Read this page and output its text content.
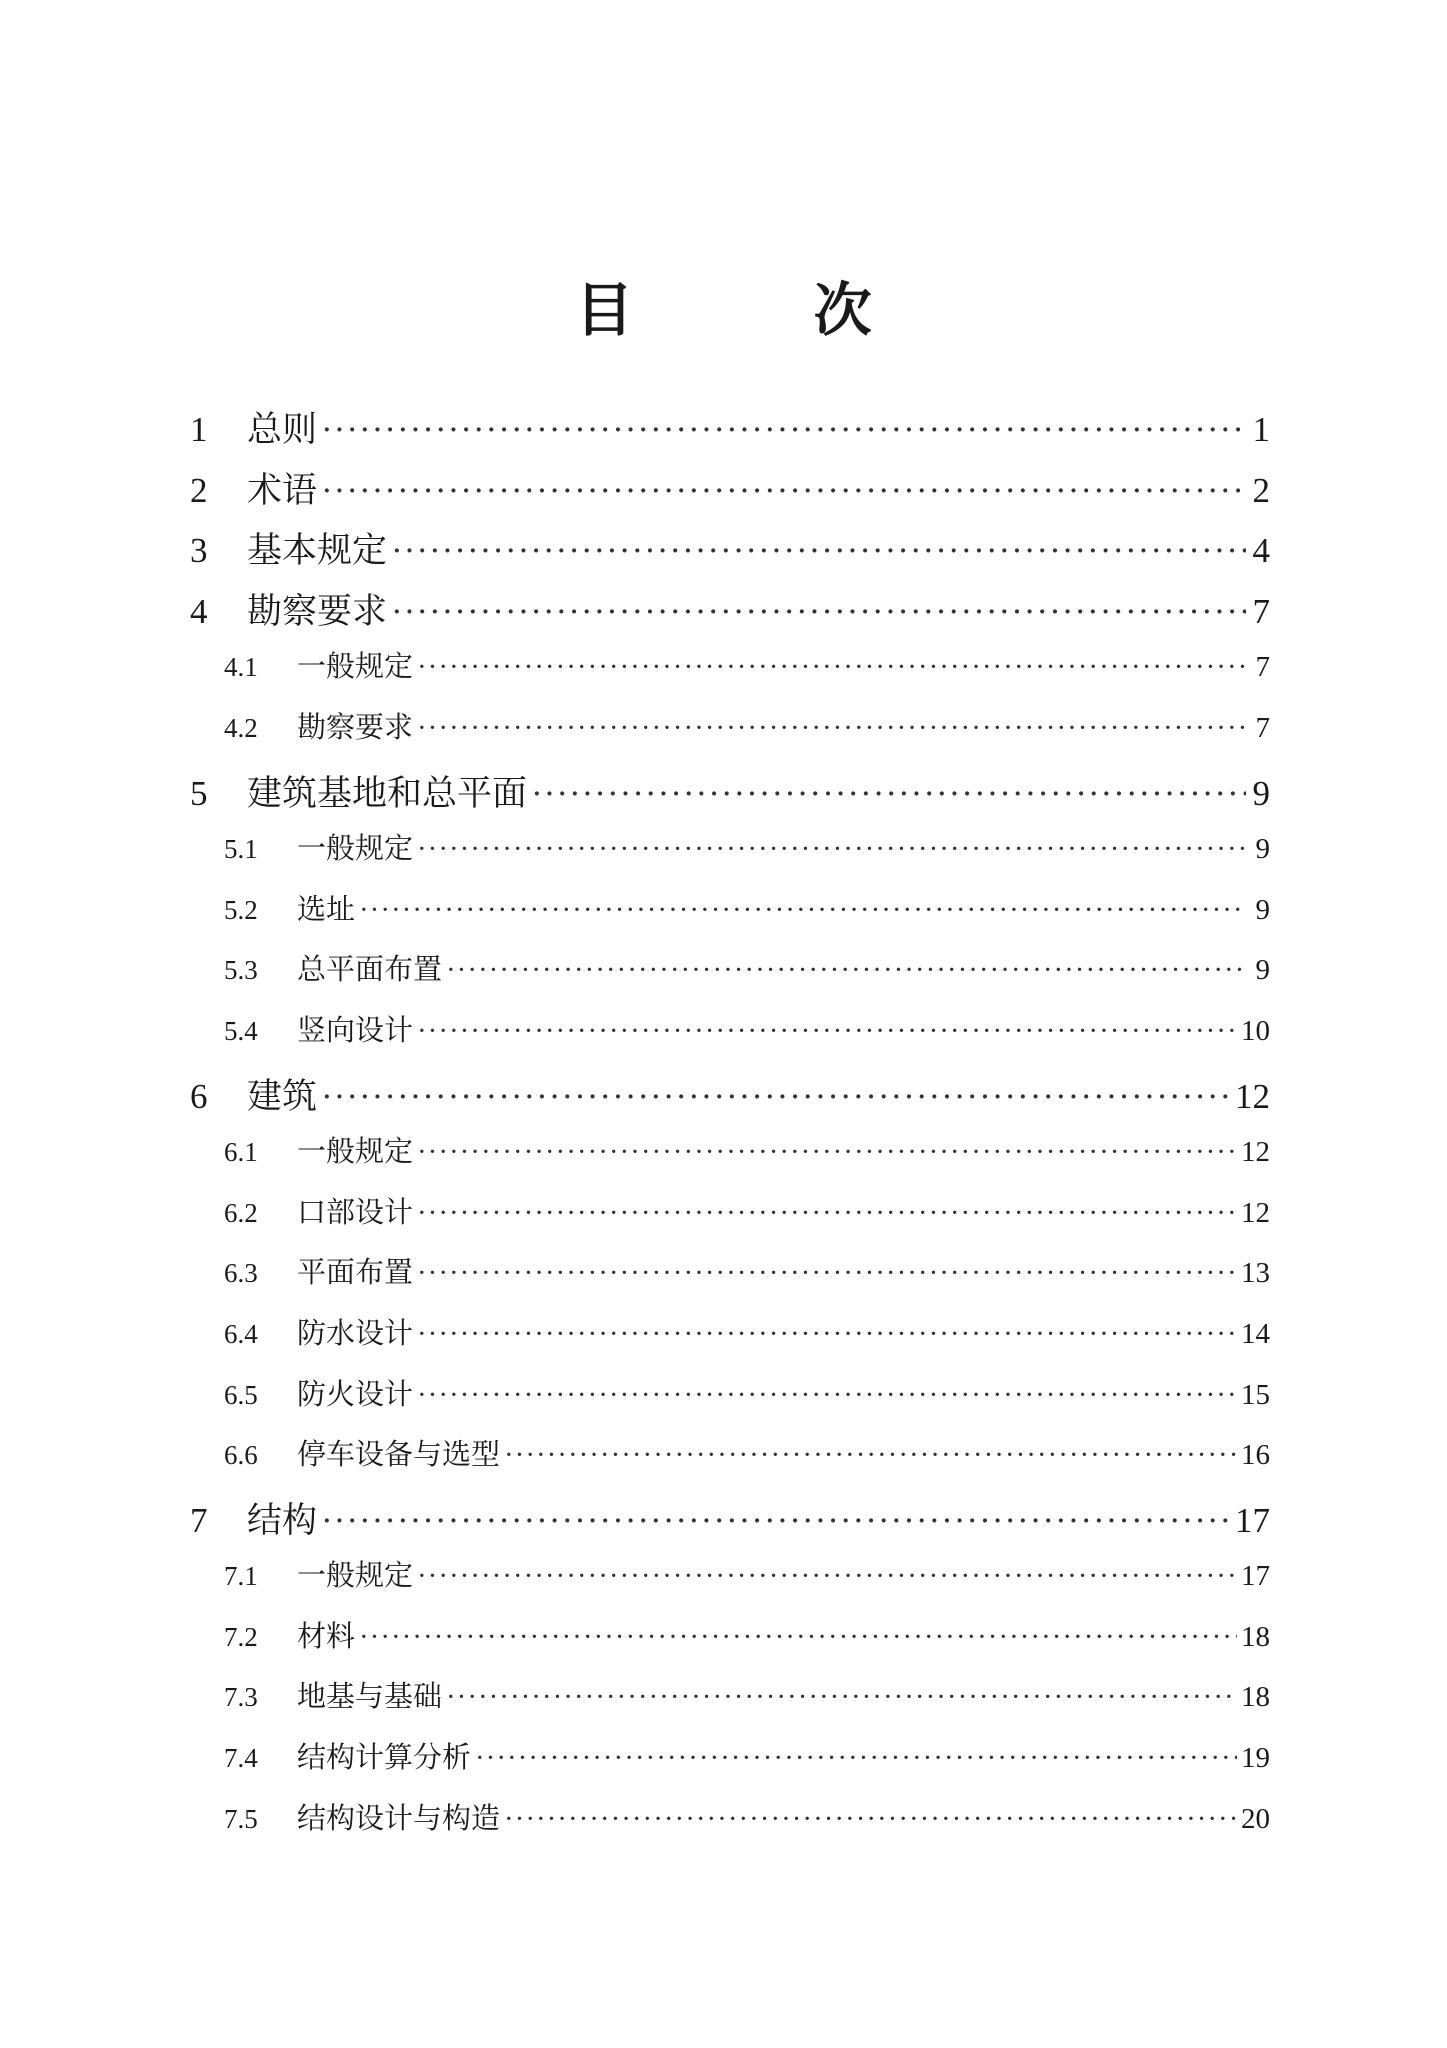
目 次
1	总则 ·····	1
2	术语 ·····	2
3	基本规定 ·····	4
4	勘察要求 ·····	7
4.1	一般规定 ·····	7
4.2	勘察要求 ·····	7
5	建筑基地和总平面 ·····	9
5.1	一般规定 ·····	9
5.2	选址 ·····	9
5.3	总平面布置 ·····	9
5.4	竖向设计 ·····	10
6	建筑 ·····	12
6.1	一般规定 ·····	12
6.2	口部设计 ·····	12
6.3	平面布置 ·····	13
6.4	防水设计 ·····	14
6.5	防火设计 ·····	15
6.6	停车设备与选型 ·····	16
7	结构 ·····	17
7.1	一般规定 ·····	17
7.2	材料 ·····	18
7.3	地基与基础 ·····	18
7.4	结构计算分析 ·····	19
7.5	结构设计与构造 ·····	20
